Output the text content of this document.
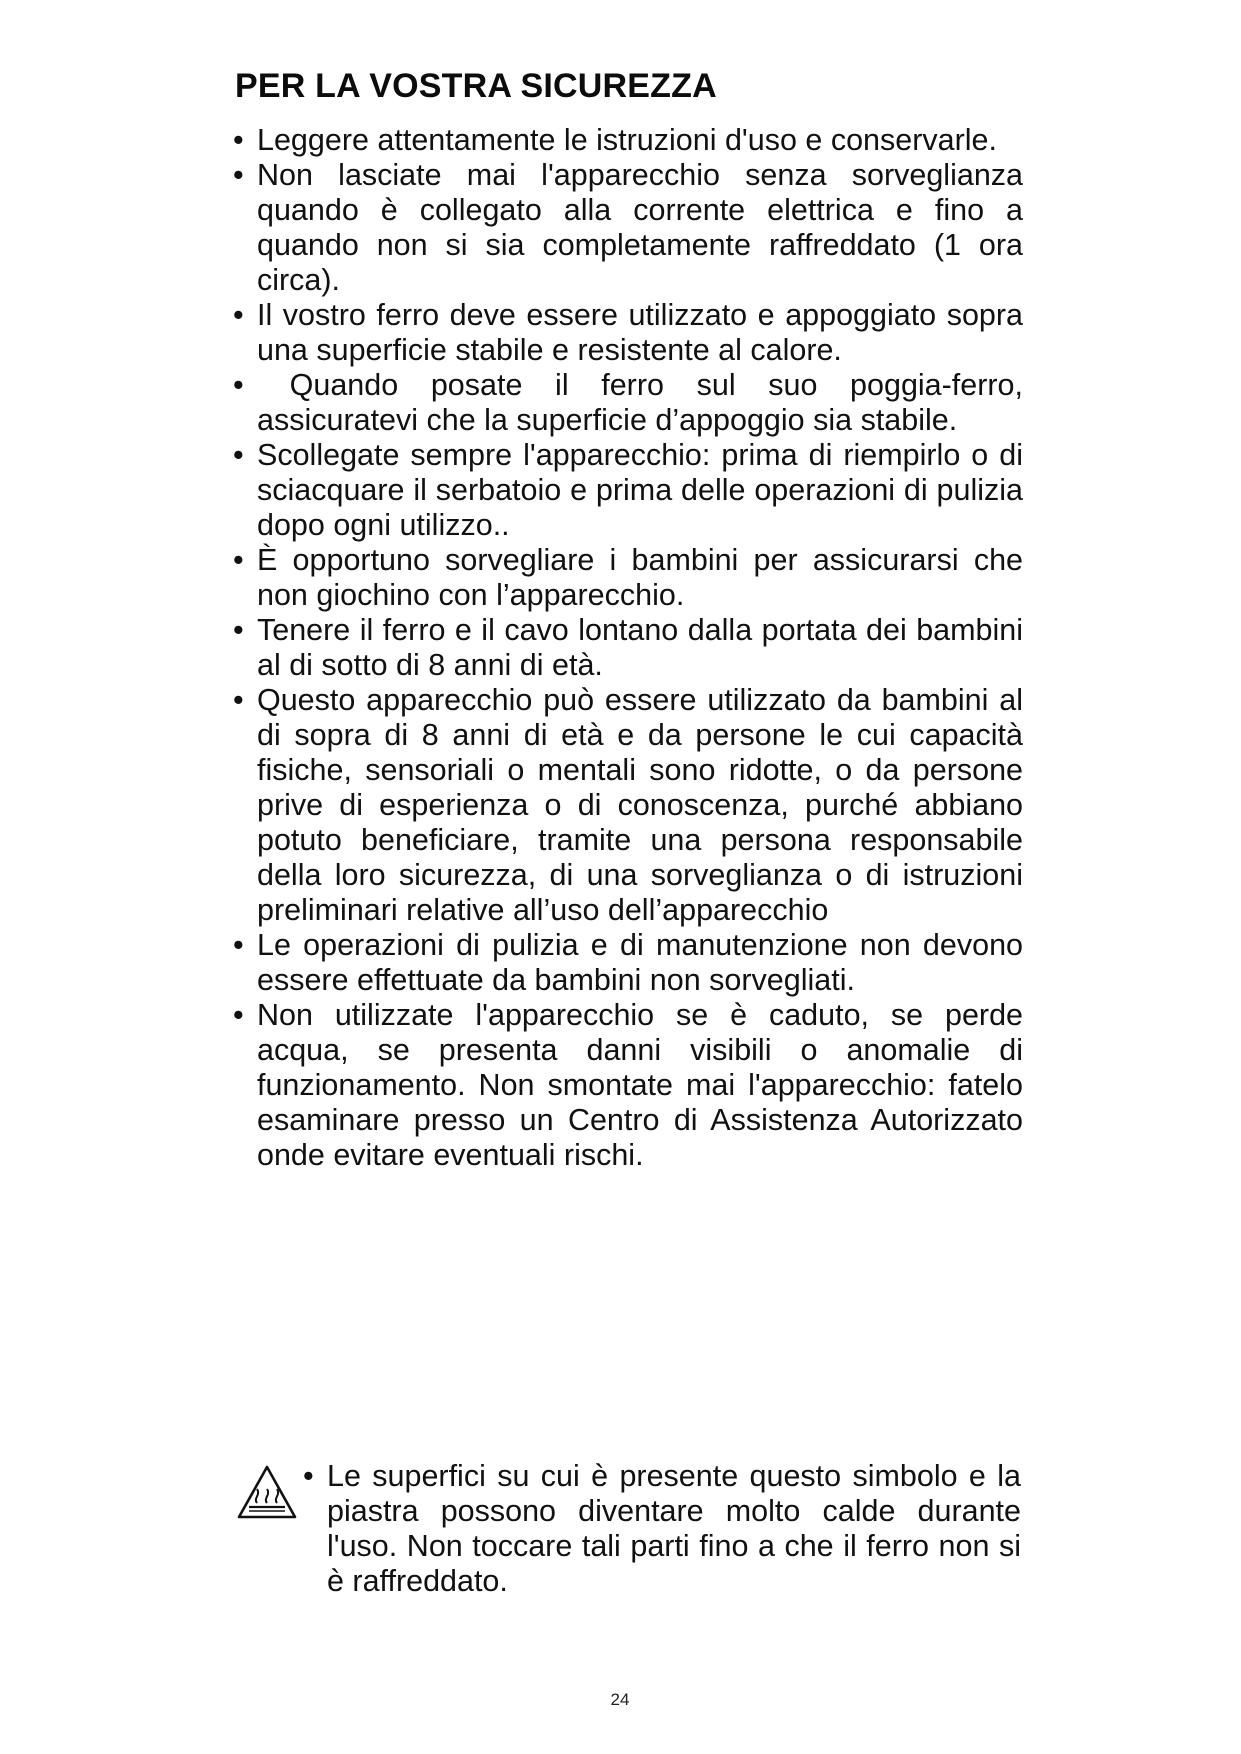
PER LA VOSTRA SICUREZZA
• Leggere attentamente le istruzioni d'uso e conservarle.
• Non lasciate mai l'apparecchio senza sorveglianza quando è collegato alla corrente elettrica e fino a quando non si sia completamente raffreddato (1 ora circa).
• Il vostro ferro deve essere utilizzato e appoggiato sopra una superficie stabile e resistente al calore.
• Quando posate il ferro sul suo poggia-ferro, assicuratevi che la superficie d’appoggio sia stabile.
• Scollegate sempre l'apparecchio: prima di riempirlo o di sciacquare il serbatoio e prima delle operazioni di pulizia dopo ogni utilizzo..
• È opportuno sorvegliare i bambini per assicurarsi che non giochino con l’apparecchio.
• Tenere il ferro e il cavo lontano dalla portata dei bambini al di sotto di 8 anni di età.
• Questo apparecchio può essere utilizzato da bambini al di sopra di 8 anni di età e da persone le cui capacità fisiche, sensoriali o mentali sono ridotte, o da persone prive di esperienza o di conoscenza, purché abbiano potuto beneficiare, tramite una persona responsabile della loro sicurezza, di una sorveglianza o di istruzioni preliminari relative all’uso dell’apparecchio
• Le operazioni di pulizia e di manutenzione non devono essere effettuate da bambini non sorvegliati.
• Non utilizzate l'apparecchio se è caduto, se perde acqua, se presenta danni visibili o anomalie di funzionamento. Non smontate mai l'apparecchio: fatelo esaminare presso un Centro di Assistenza Autorizzato onde evitare eventuali rischi.
• Le superfici su cui è presente questo simbolo e la piastra possono diventare molto calde durante l'uso. Non toccare tali parti fino a che il ferro non si è raffreddato.
24
